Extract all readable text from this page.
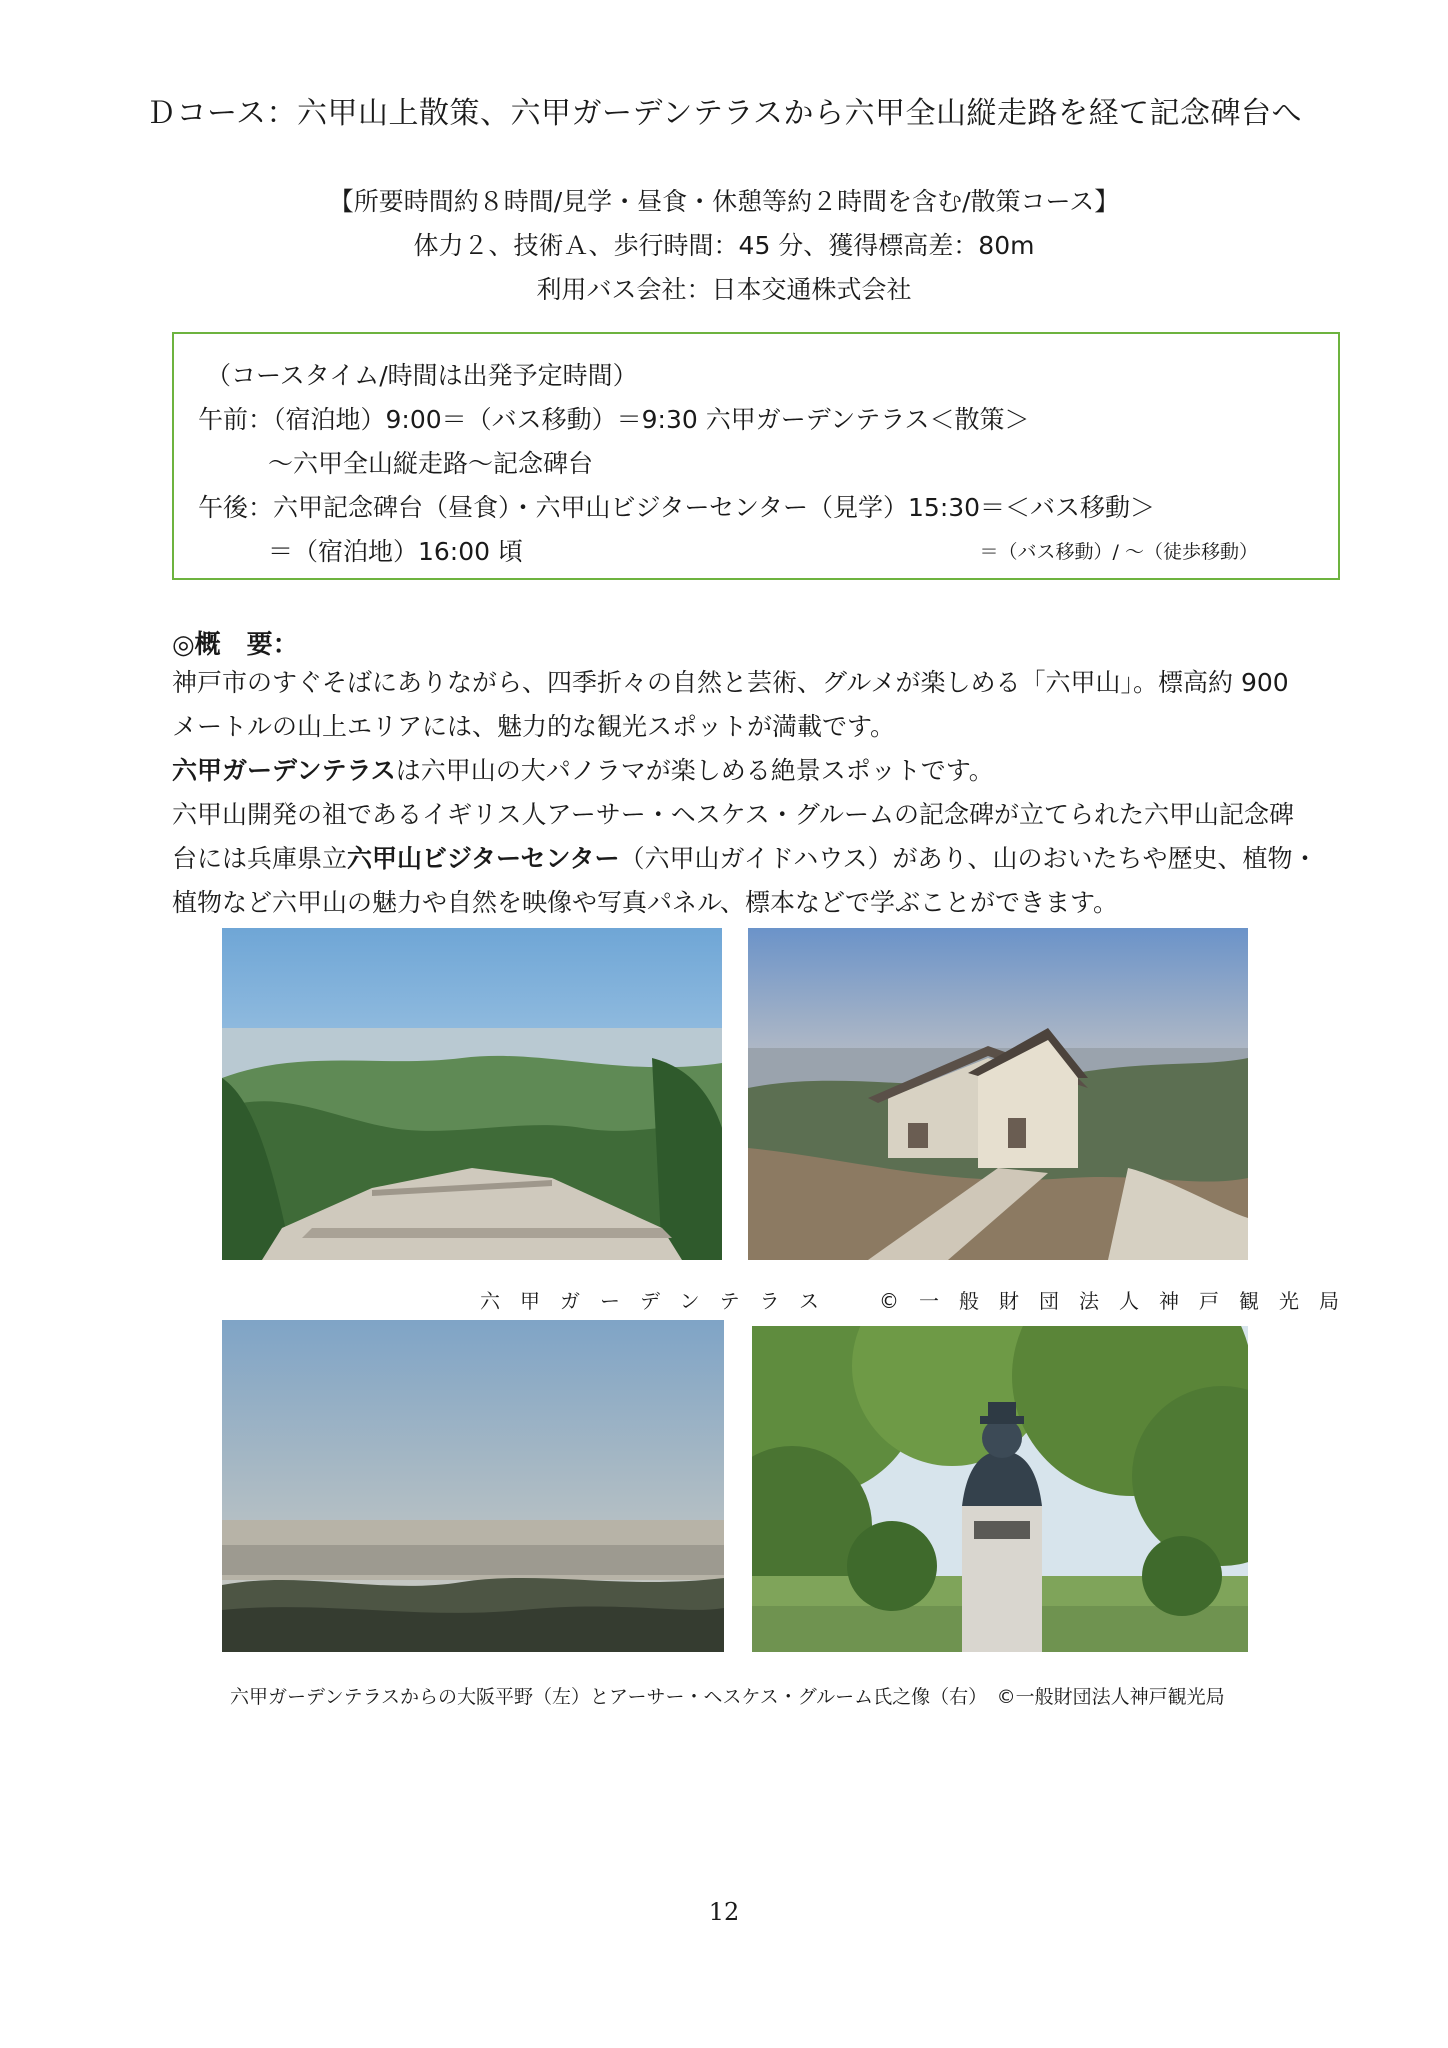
Ｄコース：六甲山上散策、六甲ガーデンテラスから六甲全山縦走路を経て記念碑台へ
【所要時間約８時間/見学・昼食・休憩等約２時間を含む/散策コース】
体力２、技術Ａ、歩行時間：45 分、獲得標高差：80m
利用バス会社：日本交通株式会社
（コースタイム/時間は出発予定時間）
午前：（宿泊地）9:00＝（バス移動）＝9:30 六甲ガーデンテラス＜散策＞
～六甲全山縦走路～記念碑台
午後：六甲記念碑台（昼食）・六甲山ビジターセンター（見学）15:30＝＜バス移動＞
＝（宿泊地）16:00 頃	＝（バス移動）/ ～（徒歩移動）
◎概　要：
神戸市のすぐそばにありながら、四季折々の自然と芸術、グルメが楽しめる「六甲山」。標高約 900
メートルの山上エリアには、魅力的な観光スポットが満載です。
六甲ガーデンテラスは六甲山の大パノラマが楽しめる絶景スポットです。
六甲山開発の祖であるイギリス人アーサー・ヘスケス・グルームの記念碑が立てられた六甲山記念碑
台には兵庫県立六甲山ビジターセンター（六甲山ガイドハウス）があり、山のおいたちや歴史、植物・
植物など六甲山の魅力や自然を映像や写真パネル、標本などで学ぶことができます。
六甲ガーデンテラス　©一般財団法人神戸観光局
六甲ガーデンテラスからの大阪平野（左）とアーサー・ヘスケス・グルーム氏之像（右）　©一般財団法人神戸観光局
12
